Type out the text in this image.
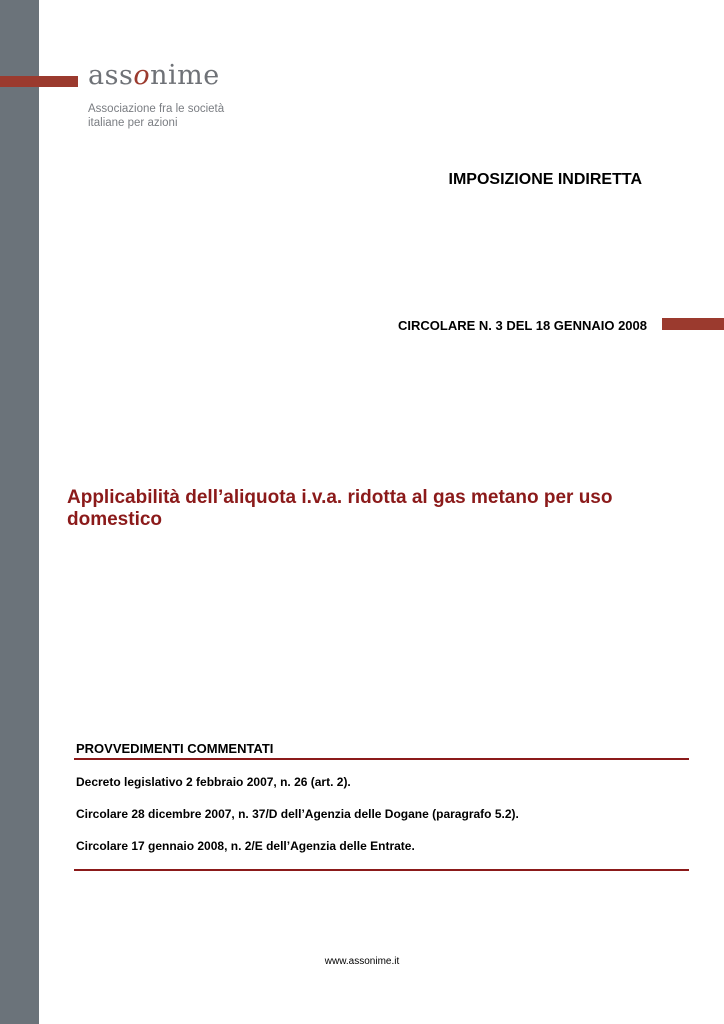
assonime
Associazione fra le società
italiane per azioni
IMPOSIZIONE INDIRETTA
CIRCOLARE N. 3 DEL 18 GENNAIO 2008
Applicabilità dell’aliquota i.v.a. ridotta al gas metano per uso domestico
PROVVEDIMENTI COMMENTATI
Decreto legislativo 2 febbraio 2007, n. 26 (art. 2).
Circolare 28 dicembre 2007, n. 37/D dell’Agenzia delle Dogane (paragrafo 5.2).
Circolare 17 gennaio 2008, n. 2/E dell’Agenzia delle Entrate.
www.assonime.it
